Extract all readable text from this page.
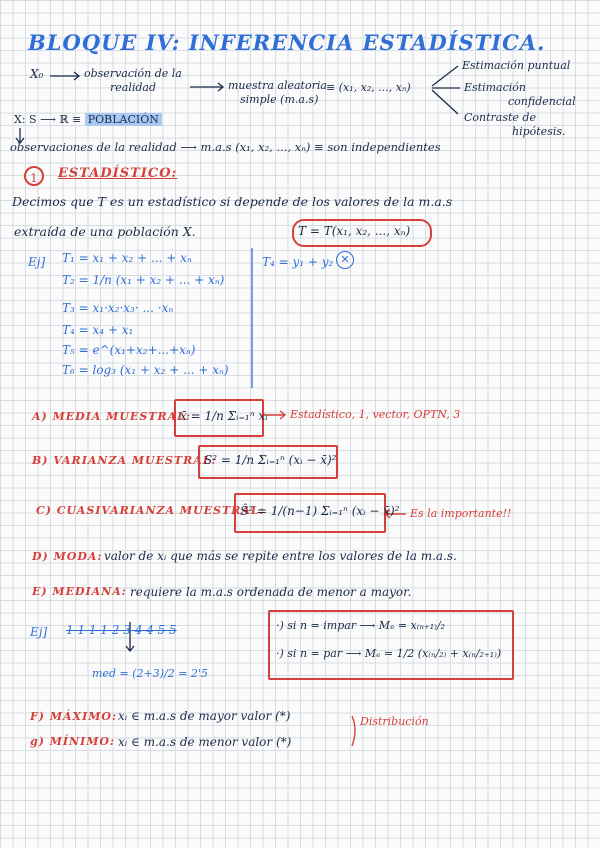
BLOQUE IV: INFERENCIA ESTADÍSTICA.
X₀	observación de la
realidad	muestra aleatoria
simple (m.a.s)
≡ (x₁, x₂, ..., xₙ)
Estimación puntual
Estimación
confidencial
Contraste de
hipótesis.
X: S ⟶ ℝ ≡ POBLACIÓN
observaciones de la realidad ⟶ m.a.s (x₁, x₂, ..., xₙ) ≡ son independientes
1	ESTADÍSTICO:
Decimos que T es un estadístico si depende de los valores de la m.a.s
extraída de una población X.	T = T(x₁, x₂, ..., xₙ)
Ej] T₁ = x₁ + x₂ + ... + xₙ
T₂ = 1/n (x₁ + x₂ + ... + xₙ)
T₃ = x₁·x₂·x₃· ... ·xₙ
T₄ = x₄ + x₁
T₅ = e^(x₁+x₂+...+xₙ)
T₆ = log₃ (x₁ + x₂ + ... + xₙ)
T₄ = y₁ + y₂ ✕
A) MEDIA MUESTRAL:
x̄ = 1/n Σᵢ₌₁ⁿ xᵢ Estadístico, 1, vector, OPTN, 3
B) VARIANZA MUESTRAL:
S² = 1/n Σᵢ₌₁ⁿ (xᵢ − x̄)²
C) CUASIVARIANZA MUESTRAL:
Ŝ² = 1/(n−1) Σᵢ₌₁ⁿ (xᵢ − x̄)² Es la importante!!
D) MODA: valor de xᵢ que más se repite entre los valores de la m.a.s.
E) MEDIANA: requiere la m.a.s ordenada de menor a mayor.
Ej] 1 1 1 1 2 3 4 4 5 5
med = (2+3)/2 = 2'5
·) si n = impar ⟶ Mₑ = x₍ₙ₊₁₎/₂
·) si n = par ⟶ Mₑ = 1/2 (x₍ₙ/₂₎ + x₍ₙ/₂₊₁₎)
F) MÁXIMO: xᵢ ∈ m.a.s de mayor valor (*)
g) MÍNIMO: xᵢ ∈ m.a.s de menor valor (*)
Distribución
